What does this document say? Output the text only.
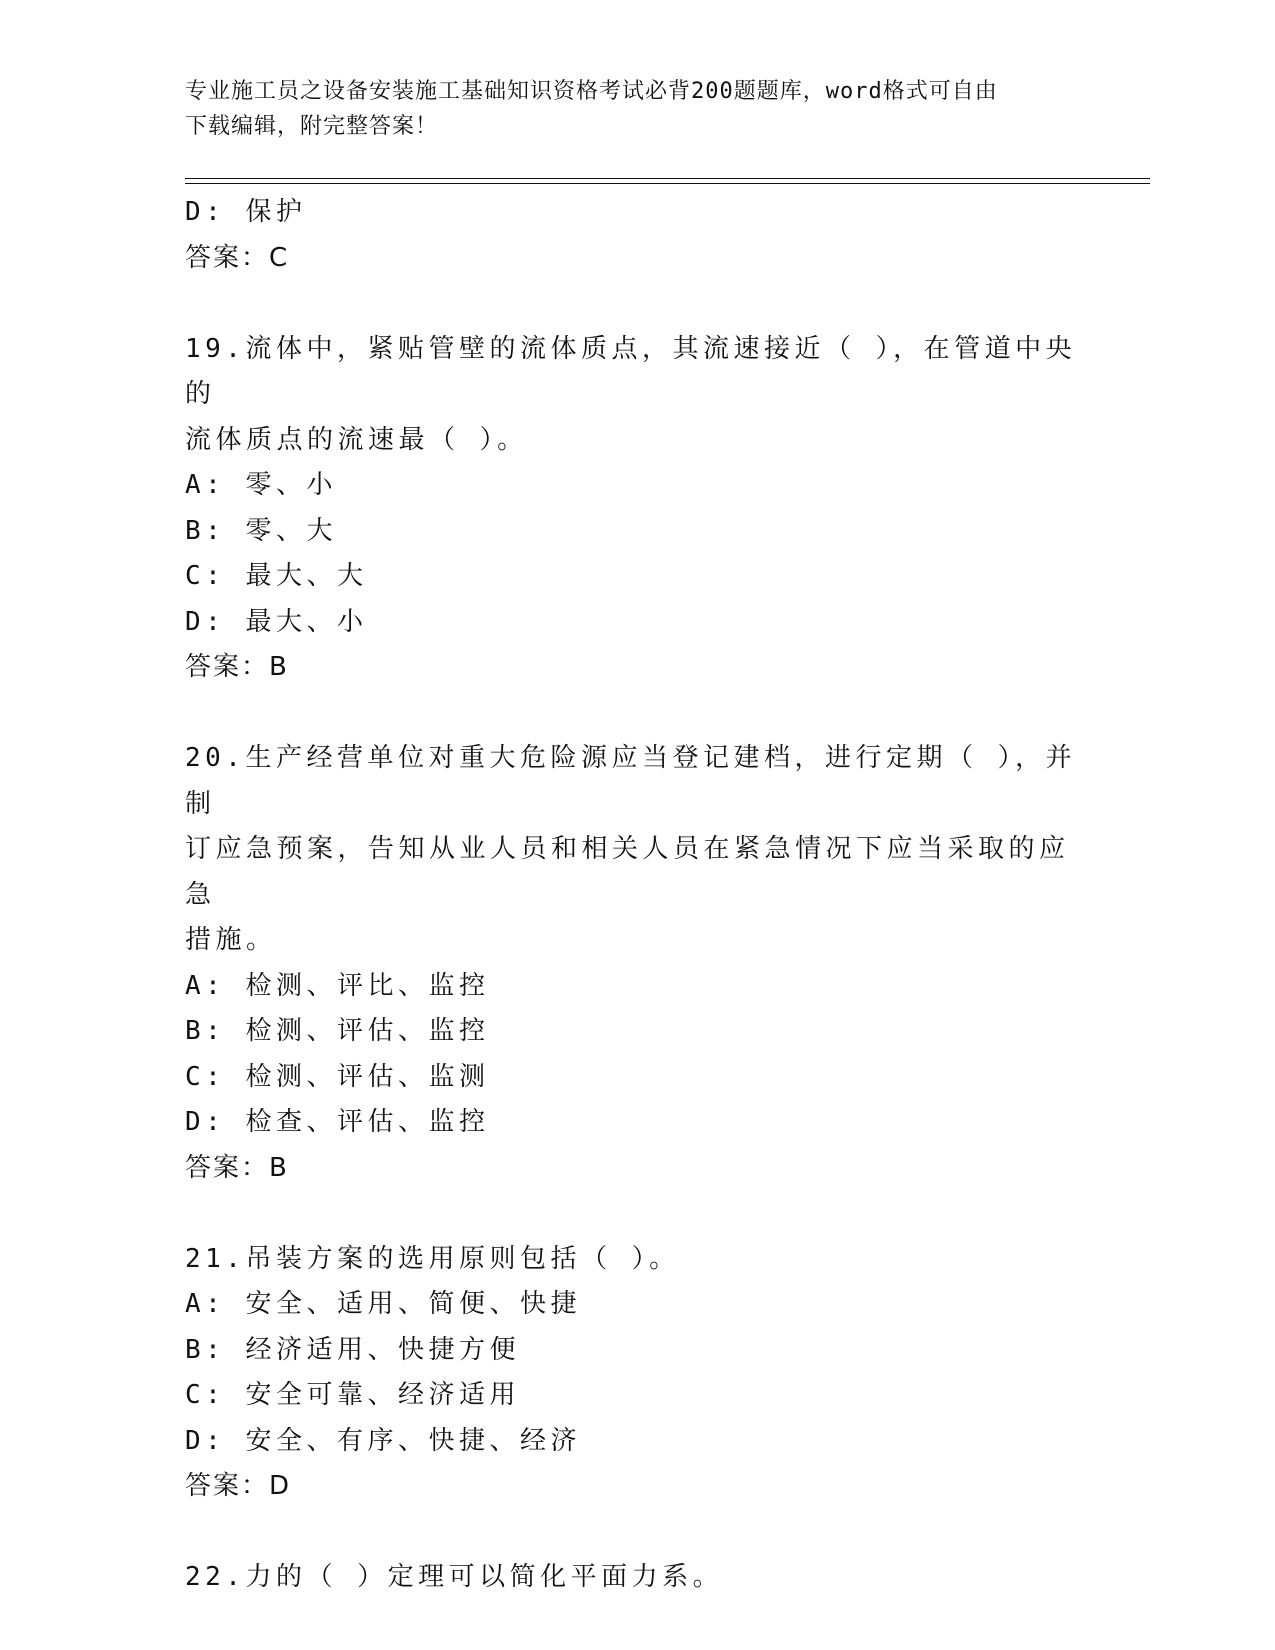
专业施工员之设备安装施工基础知识资格考试必背200题题库，word格式可自由
下载编辑，附完整答案！
D: 保护
答案：C
19.流体中，紧贴管壁的流体质点，其流速接近（ ），在管道中央的
流体质点的流速最（ ）。
A: 零、小
B: 零、大
C: 最大、大
D: 最大、小
答案：B
20.生产经营单位对重大危险源应当登记建档，进行定期（ ），并制
订应急预案，告知从业人员和相关人员在紧急情况下应当采取的应急
措施。
A: 检测、评比、监控
B: 检测、评估、监控
C: 检测、评估、监测
D: 检查、评估、监控
答案：B
21.吊装方案的选用原则包括（ ）。
A: 安全、适用、简便、快捷
B: 经济适用、快捷方便
C: 安全可靠、经济适用
D: 安全、有序、快捷、经济
答案：D
22.力的（ ）定理可以简化平面力系。
